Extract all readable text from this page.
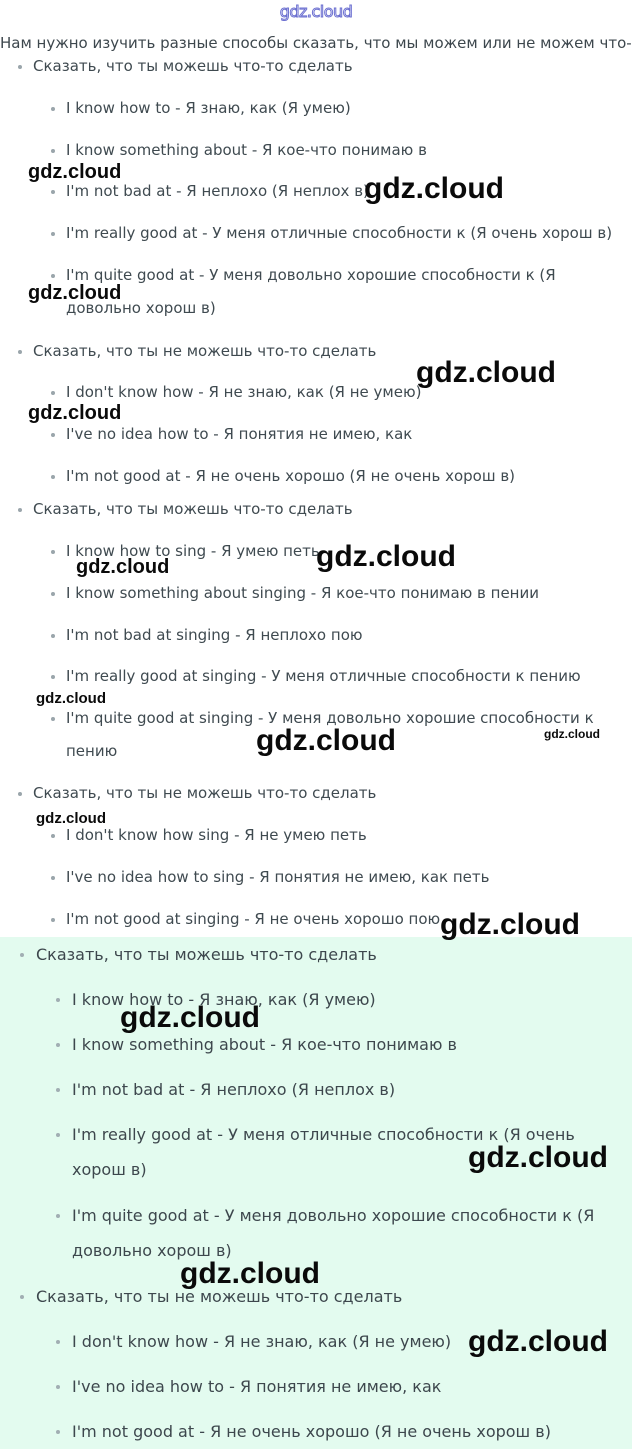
gdz.cloud
Нам нужно изучить разные способы сказать, что мы можем или не можем что-
Сказать, что ты можешь что-то сделать
I know how to - Я знаю, как (Я умею)
I know something about - Я кое-что понимаю в
I'm not bad at - Я неплохо (Я неплох в)
I'm really good at - У меня отличные способности к (Я очень хорош в)
I'm quite good at - У меня довольно хорошие способности к (Я довольно хорош в)
Сказать, что ты не можешь что-то сделать
I don't know how - Я не знаю, как (Я не умею)
I've no idea how to - Я понятия не имею, как
I'm not good at - Я не очень хорошо (Я не очень хорош в)
Сказать, что ты можешь что-то сделать
I know how to sing - Я умею петь
I know something about singing - Я кое-что понимаю в пении
I'm not bad at singing - Я неплохо пою
I'm really good at singing - У меня отличные способности к пению
I'm quite good at singing - У меня довольно хорошие способности к пению
Сказать, что ты не можешь что-то сделать
I don't know how sing - Я не умею петь
I've no idea how to sing - Я понятия не имею, как петь
I'm not good at singing - Я не очень хорошо пою
Сказать, что ты можешь что-то сделать
I know how to - Я знаю, как (Я умею)
I know something about - Я кое-что понимаю в
I'm not bad at - Я неплохо (Я неплох в)
I'm really good at - У меня отличные способности к (Я очень хорош в)
I'm quite good at - У меня довольно хорошие способности к (Я довольно хорош в)
Сказать, что ты не можешь что-то сделать
I don't know how - Я не знаю, как (Я не умею)
I've no idea how to - Я понятия не имею, как
I'm not good at - Я не очень хорошо (Я не очень хорош в)
gdz.cloud	gdz.cloud
gdz.cloud
gdz.cloud
gdz.cloud
gdz.cloud
gdz.cloud
gdz.cloud
gdz.cloud
gdz.cloud
gdz.cloud
gdz.cloud
gdz.cloud
gdz.cloud
gdz.cloud
gdz.cloud
